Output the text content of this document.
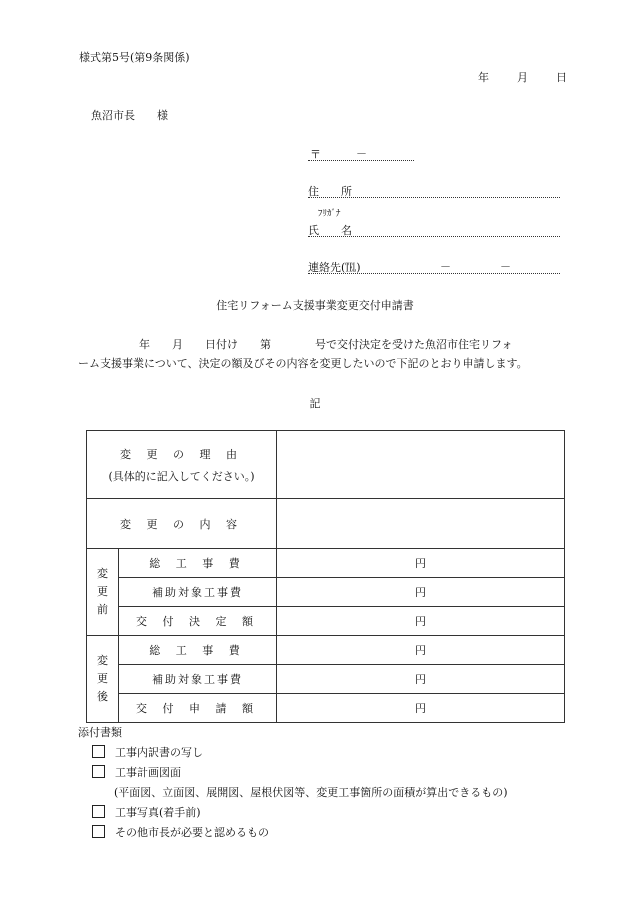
様式第5号(第9条関係)
年　　月　　日
魚沼市長　　様
〒	－
住　　所
ﾌﾘｶﾞﾅ
氏　　名
連絡先(℡)	－	－
住宅リフォーム支援事業変更交付申請書
年　　月　　日付け　　第　　　　号で交付決定を受けた魚沼市住宅リフォ
ーム支援事業について、決定の額及びその内容を変更したいので下記のとおり申請します。
記
変 更 の 理 由
(具体的に記入してください。)		

変 更 の 内 容		

変
更
前	総 工 事 費	円
	補助対象工事費	円
	交 付 決 定 額	円

変
更
後	総 工 事 費	円
	補助対象工事費	円
	交 付 申 請 額	円
添付書類
工事内訳書の写し
工事計画図面
(平面図、立面図、展開図、屋根伏図等、変更工事箇所の面積が算出できるもの)
工事写真(着手前)
その他市長が必要と認めるもの
